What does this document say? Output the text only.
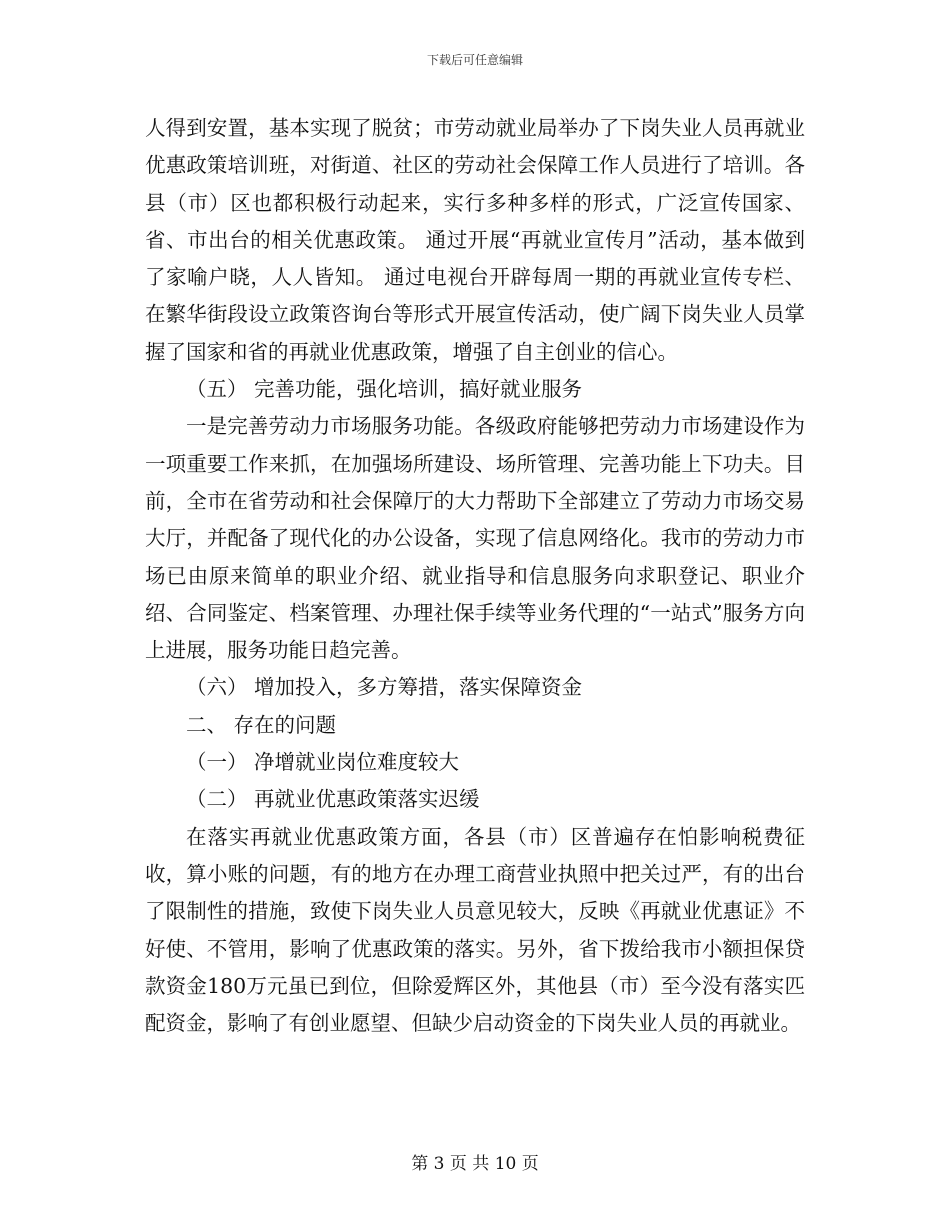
下载后可任意编辑

人得到安置，基本实现了脱贫；市劳动就业局举办了下岗失业人员再就业优惠政策培训班，对街道、社区的劳动社会保障工作人员进行了培训。各县（市）区也都积极行动起来，实行多种多样的形式，广泛宣传国家、省、市出台的相关优惠政策。 通过开展“再就业宣传月”活动，基本做到了家喻户晓，人人皆知。 通过电视台开辟每周一期的再就业宣传专栏、在繁华街段设立政策咨询台等形式开展宣传活动，使广阔下岗失业人员掌握了国家和省的再就业优惠政策，增强了自主创业的信心。

（五） 完善功能，强化培训，搞好就业服务

一是完善劳动力市场服务功能。各级政府能够把劳动力市场建设作为一项重要工作来抓，在加强场所建设、场所管理、完善功能上下功夫。目前，全市在省劳动和社会保障厅的大力帮助下全部建立了劳动力市场交易大厅，并配备了现代化的办公设备，实现了信息网络化。我市的劳动力市场已由原来简单的职业介绍、就业指导和信息服务向求职登记、职业介绍、合同鉴定、档案管理、办理社保手续等业务代理的“一站式”服务方向上进展，服务功能日趋完善。

（六） 增加投入，多方筹措，落实保障资金

二、 存在的问题

（一） 净增就业岗位难度较大

（二） 再就业优惠政策落实迟缓

在落实再就业优惠政策方面，各县（市）区普遍存在怕影响税费征收，算小账的问题，有的地方在办理工商营业执照中把关过严，有的出台了限制性的措施，致使下岗失业人员意见较大，反映《再就业优惠证》不好使、不管用，影响了优惠政策的落实。另外，省下拨给我市小额担保贷款资金180万元虽已到位，但除爱辉区外，其他县（市）至今没有落实匹配资金，影响了有创业愿望、但缺少启动资金的下岗失业人员的再就业。

第 3 页 共 10 页
